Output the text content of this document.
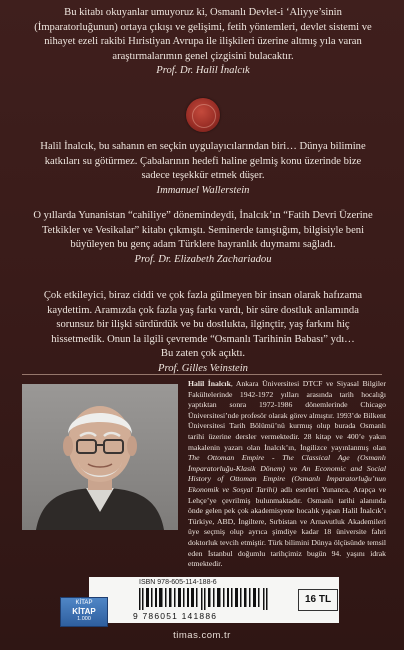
Bu kitabı okuyanlar umuyoruz ki, Osmanlı Devlet-i ‘Aliyye’sinin

(İmparatorluğunun) ortaya çıkışı ve gelişimi, fetih yöntemleri, devlet sistemi ve

nihayet ezeli rakibi Hıristiyan Avrupa ile ilişkileri üzerine altmış yıla varan

araştırmalarımın genel çizgisini bulacaktır.

Prof. Dr. Halil İnalcık

Halil İnalcık, bu sahanın en seçkin uygulayıcılarından biri… Dünya bilimine

katkıları su götürmez. Çabalarının hedefi haline gelmiş konu üzerinde bize

sadece teşekkür etmek düşer.

Immanuel Wallerstein

O yıllarda Yunanistan “cahiliye” dönemindeydi, İnalcık’ın “Fatih Devri Üzerine

Tetkikler ve Vesikalar” kitabı çıkmıştı. Seminerde tanıştığım, bilgisiyle beni

büyüleyen bu genç adam Türklere hayranlık duymamı sağladı.

Prof. Dr. Elizabeth Zachariadou

Çok etkileyici, biraz ciddi ve çok fazla gülmeyen bir insan olarak hafızama

kaydettim. Aramızda çok fazla yaş farkı vardı, bir süre dostluk anlamında

sorunsuz bir ilişki sürdürdük ve bu dostlukta, ilginçtir, yaş farkını hiç

hissetmedik. Onun la ilgili çevremde “Osmanlı Tarihinin Babası” ydı…

Bu zaten çok açıktı.

Prof. Gilles Veinstein

Halil İnalcık, Ankara Üniversitesi DTCF ve Siyasal Bilgiler Fakültelerinde 1942-1972 yılları arasında tarih hocalığı yaptıktan sonra 1972-1986 dönemlerinde Chicago Üniversitesi’nde profesör olarak görev almıştır. 1993’de Bilkent Üniversitesi Tarih Bölümü’nü kurmuş olup burada Osmanlı tarihi üzerine dersler vermektedir. 28 kitap ve 400’e yakın makalenin yazarı olan İnalcık’ın, İngilizce yayınlanmış olan The Ottoman Empire - The Classical Age (Osmanlı İmparatorluğu-Klasik Dönem) ve An Economic and Social History of Ottoman Empire (Osmanlı İmparatorluğu’nun Ekonomik ve Sosyal Tarihi) adlı eserleri Yunanca, Arapça ve Lehçe’ye çevrilmiş bulunmaktadır. Osmanlı tarihi alanında önde gelen pek çok akademisyene hocalık yapan Halil İnalcık’ı Türkiye, ABD, İngiltere, Sırbistan ve Arnavutluk Akademileri üye seçmiş olup ayrıca şimdiye kadar 18 üniversite fahri doktorluk tevcih etmiştir. Türk bilimini Dünya ölçüsünde temsil eden İstanbul doğumlu tarihçimiz bugün 94. yaşını idrak etmektedir.
ISBN 978-605-114-188-6
9 786051 141886
16 TL
KİTAP
KİTAP
1.000
timas.com.tr
